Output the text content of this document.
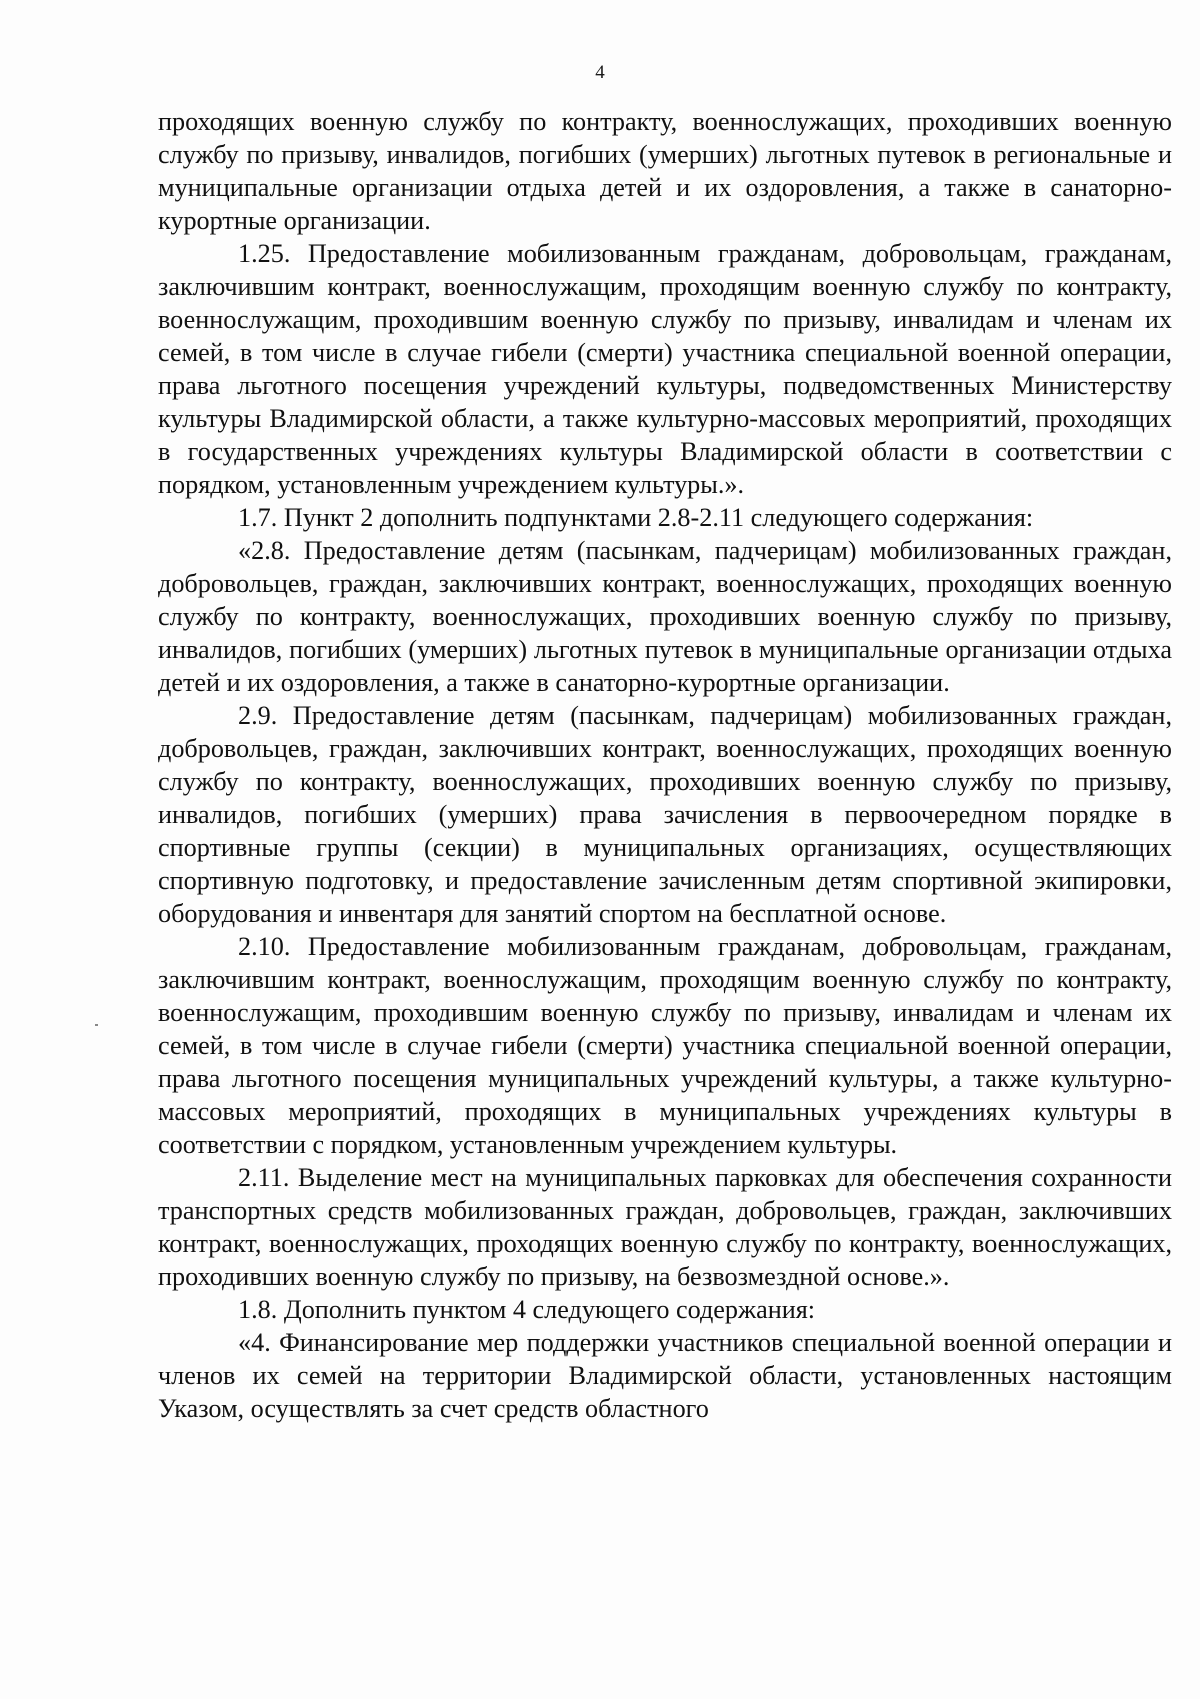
4

проходящих военную службу по контракту, военнослужащих, проходивших военную службу по призыву, инвалидов, погибших (умерших) льготных путевок в региональные и муниципальные организации отдыха детей и их оздоровления, а также в санаторно-курортные организации.

1.25. Предоставление мобилизованным гражданам, добровольцам, гражданам, заключившим контракт, военнослужащим, проходящим военную службу по контракту, военнослужащим, проходившим военную службу по призыву, инвалидам и членам их семей, в том числе в случае гибели (смерти) участника специальной военной операции, права льготного посещения учреждений культуры, подведомственных Министерству культуры Владимирской области, а также культурно-массовых мероприятий, проходящих в государственных учреждениях культуры Владимирской области в соответствии с порядком, установленным учреждением культуры.».

1.7. Пункт 2 дополнить подпунктами 2.8-2.11 следующего содержания:

«2.8. Предоставление детям (пасынкам, падчерицам) мобилизованных граждан, добровольцев, граждан, заключивших контракт, военнослужащих, проходящих военную службу по контракту, военнослужащих, проходивших военную службу по призыву, инвалидов, погибших (умерших) льготных путевок в муниципальные организации отдыха детей и их оздоровления, а также в санаторно-курортные организации.

2.9. Предоставление детям (пасынкам, падчерицам) мобилизованных граждан, добровольцев, граждан, заключивших контракт, военнослужащих, проходящих военную службу по контракту, военнослужащих, проходивших военную службу по призыву, инвалидов, погибших (умерших) права зачисления в первоочередном порядке в спортивные группы (секции) в муниципальных организациях, осуществляющих спортивную подготовку, и предоставление зачисленным детям спортивной экипировки, оборудования и инвентаря для занятий спортом на бесплатной основе.

2.10. Предоставление мобилизованным гражданам, добровольцам, гражданам, заключившим контракт, военнослужащим, проходящим военную службу по контракту, военнослужащим, проходившим военную службу по призыву, инвалидам и членам их семей, в том числе в случае гибели (смерти) участника специальной военной операции, права льготного посещения муниципальных учреждений культуры, а также культурно-массовых мероприятий, проходящих в муниципальных учреждениях культуры в соответствии с порядком, установленным учреждением культуры.

2.11. Выделение мест на муниципальных парковках для обеспечения сохранности транспортных средств мобилизованных граждан, добровольцев, граждан, заключивших контракт, военнослужащих, проходящих военную службу по контракту, военнослужащих, проходивших военную службу по призыву, на безвозмездной основе.».

1.8. Дополнить пунктом 4 следующего содержания:

«4. Финансирование мер поддержки участников специальной военной операции и членов их семей на территории Владимирской области, установленных настоящим Указом, осуществлять за счет средств областного
